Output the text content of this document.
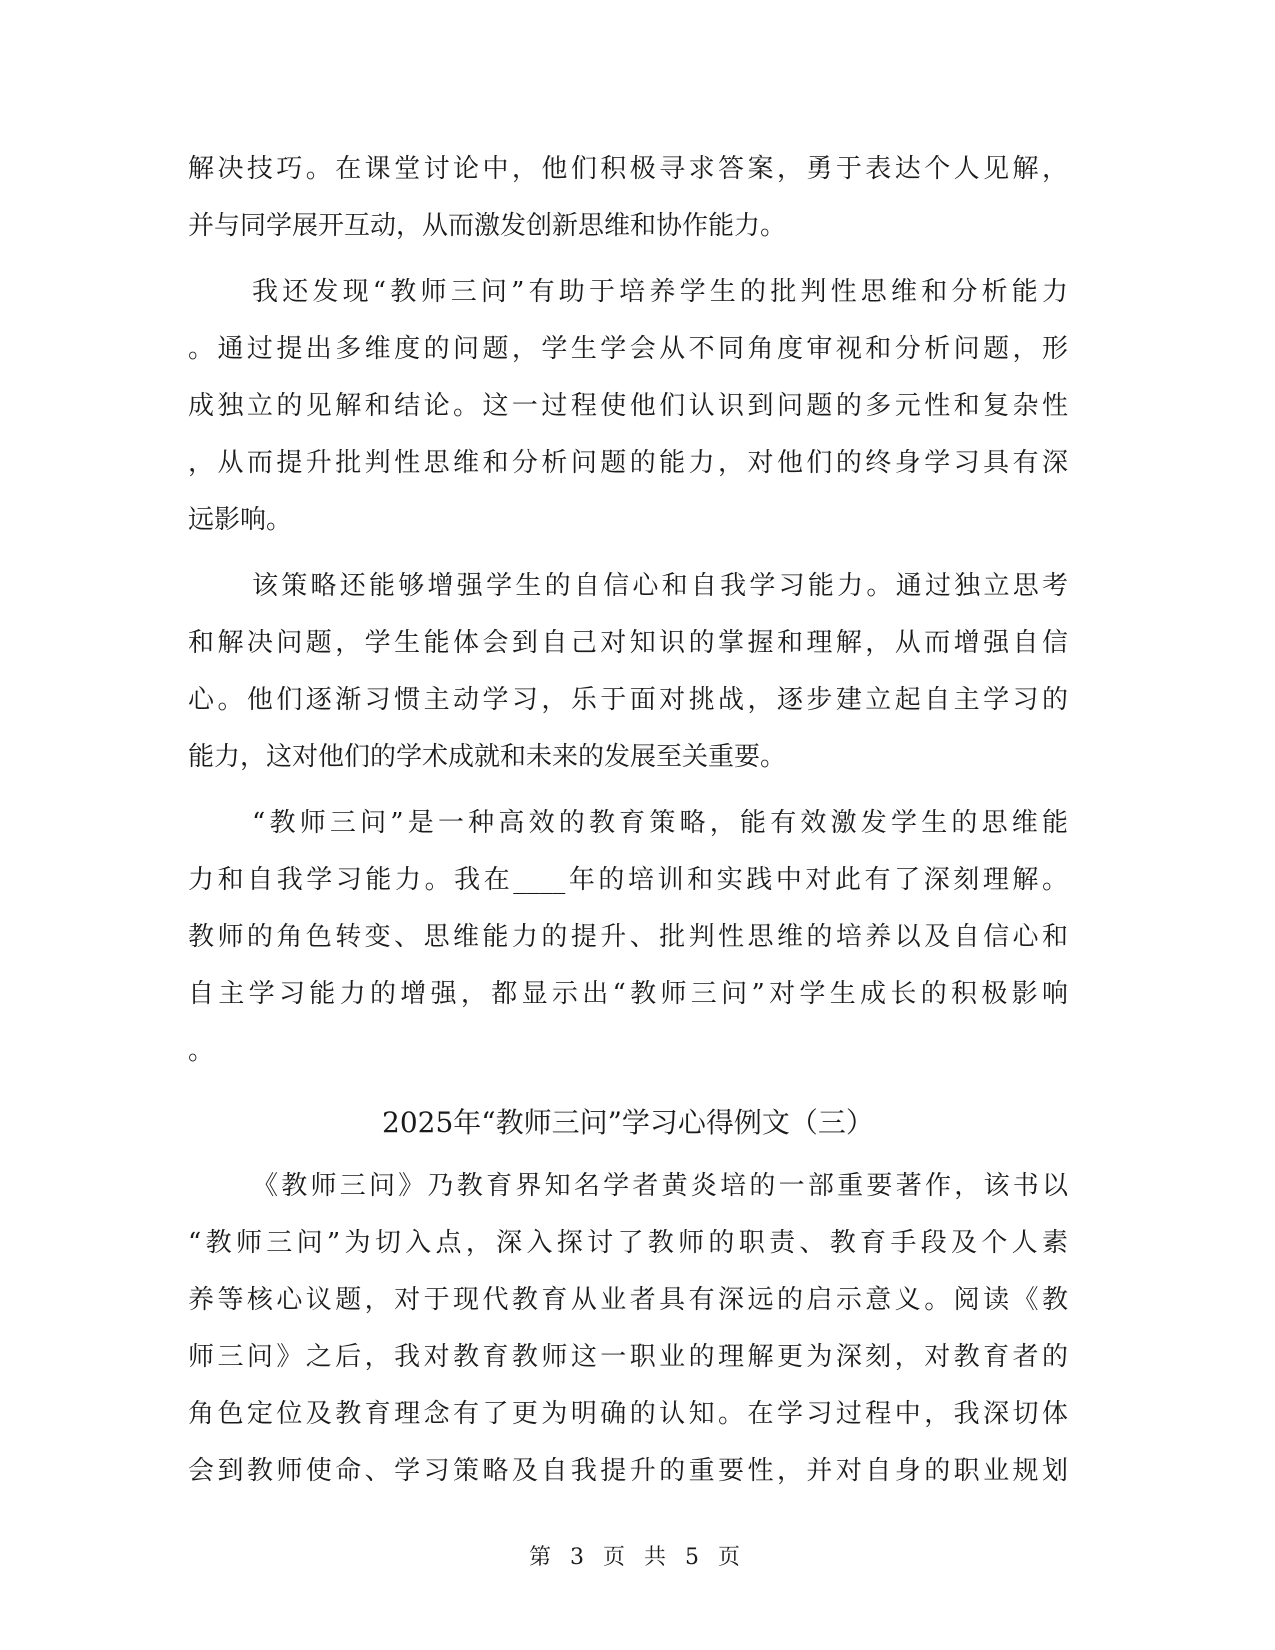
解决技巧。在课堂讨论中，他们积极寻求答案，勇于表达个人见解，
并与同学展开互动，从而激发创新思维和协作能力。
我还发现“教师三问”有助于培养学生的批判性思维和分析能力
。通过提出多维度的问题，学生学会从不同角度审视和分析问题，形
成独立的见解和结论。这一过程使他们认识到问题的多元性和复杂性
，从而提升批判性思维和分析问题的能力，对他们的终身学习具有深
远影响。
该策略还能够增强学生的自信心和自我学习能力。通过独立思考
和解决问题，学生能体会到自己对知识的掌握和理解，从而增强自信
心。他们逐渐习惯主动学习，乐于面对挑战，逐步建立起自主学习的
能力，这对他们的学术成就和未来的发展至关重要。
“教师三问”是一种高效的教育策略，能有效激发学生的思维能
力和自我学习能力。我在____年的培训和实践中对此有了深刻理解。
教师的角色转变、思维能力的提升、批判性思维的培养以及自信心和
自主学习能力的增强，都显示出“教师三问”对学生成长的积极影响
。
2025年“教师三问”学习心得例文（三）
《教师三问》乃教育界知名学者黄炎培的一部重要著作，该书以
“教师三问”为切入点，深入探讨了教师的职责、教育手段及个人素
养等核心议题，对于现代教育从业者具有深远的启示意义。阅读《教
师三问》之后，我对教育教师这一职业的理解更为深刻，对教育者的
角色定位及教育理念有了更为明确的认知。在学习过程中，我深切体
会到教师使命、学习策略及自我提升的重要性，并对自身的职业规划
第 3 页 共 5 页
